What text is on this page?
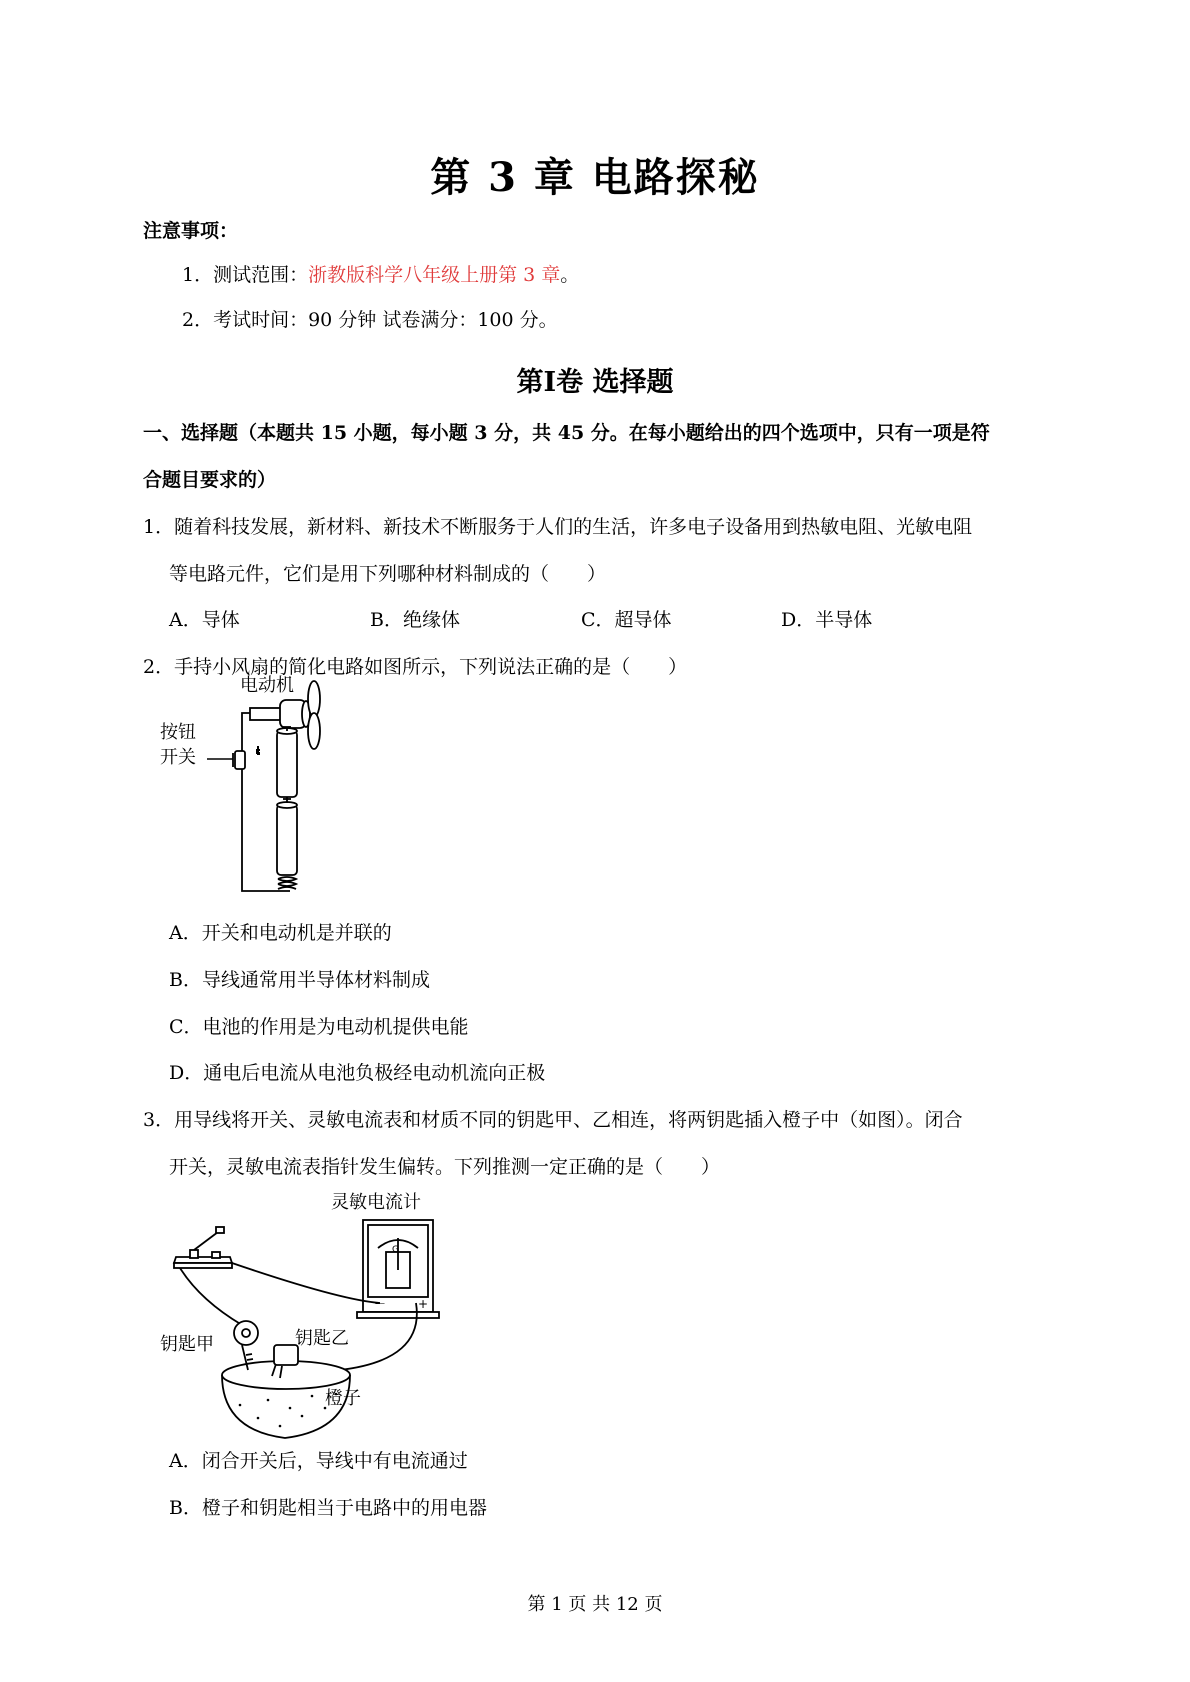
第 3 章 电路探秘
注意事项：
1．测试范围：浙教版科学八年级上册第 3 章。
2．考试时间：90 分钟 试卷满分：100 分。
第Ⅰ卷 选择题
一、选择题（本题共 15 小题，每小题 3 分，共 45 分。在每小题给出的四个选项中，只有一项是符
合题目要求的）
1．随着科技发展，新材料、新技术不断服务于人们的生活，许多电子设备用到热敏电阻、光敏电阻
等电路元件，它们是用下列哪种材料制成的（　　）
A．导体	B．绝缘体	C．超导体	D．半导体
2．手持小风扇的简化电路如图所示，下列说法正确的是（　　）
电动机
按钮
开关
A．开关和电动机是并联的
B．导线通常用半导体材料制成
C．电池的作用是为电动机提供电能
D．通电后电流从电池负极经电动机流向正极
3．用导线将开关、灵敏电流表和材质不同的钥匙甲、乙相连，将两钥匙插入橙子中（如图）。闭合
开关，灵敏电流表指针发生偏转。下列推测一定正确的是（　　）
灵敏电流计
G
－	+
钥匙甲	钥匙乙
橙子
A．闭合开关后，导线中有电流通过
B．橙子和钥匙相当于电路中的用电器
第 1 页 共 12 页
